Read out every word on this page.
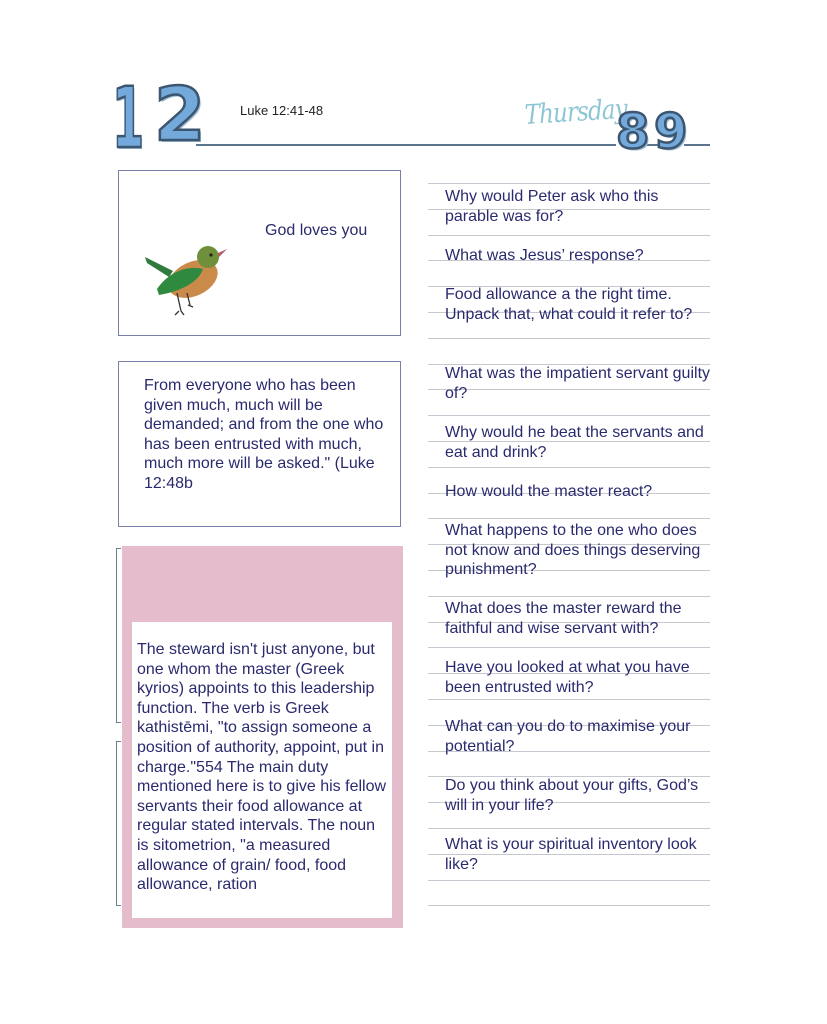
1 2	Luke 12:41-48	Thursday
8 9
God loves you
From everyone who has been given much, much will be demanded; and from the one who has been entrusted with much, much more will be asked." (Luke 12:48b
The steward isn't just anyone, but one whom the master (Greek kyrios) appoints to this leadership function. The verb is Greek kathistēmi, "to assign someone a position of authority, appoint, put in charge."554 The main duty mentioned here is to give his fellow servants their food allowance at regular stated intervals. The noun is sitometrion, "a measured allowance of grain/ food, food allowance, ration
Why would Peter ask who this parable was for?
What was Jesus’ response?
Food allowance a the right time. Unpack that, what could it refer to?
What was the impatient servant guilty of?
Why would he beat the servants and eat and drink?
How would the master react?
What happens to the one who does not know and does things deserving punishment?
What does the master reward the faithful and wise servant with?
Have you looked at what you have been entrusted with?
What can you do to maximise your potential?
Do you think about your gifts, God’s will in your life?
What is your spiritual inventory look like?
